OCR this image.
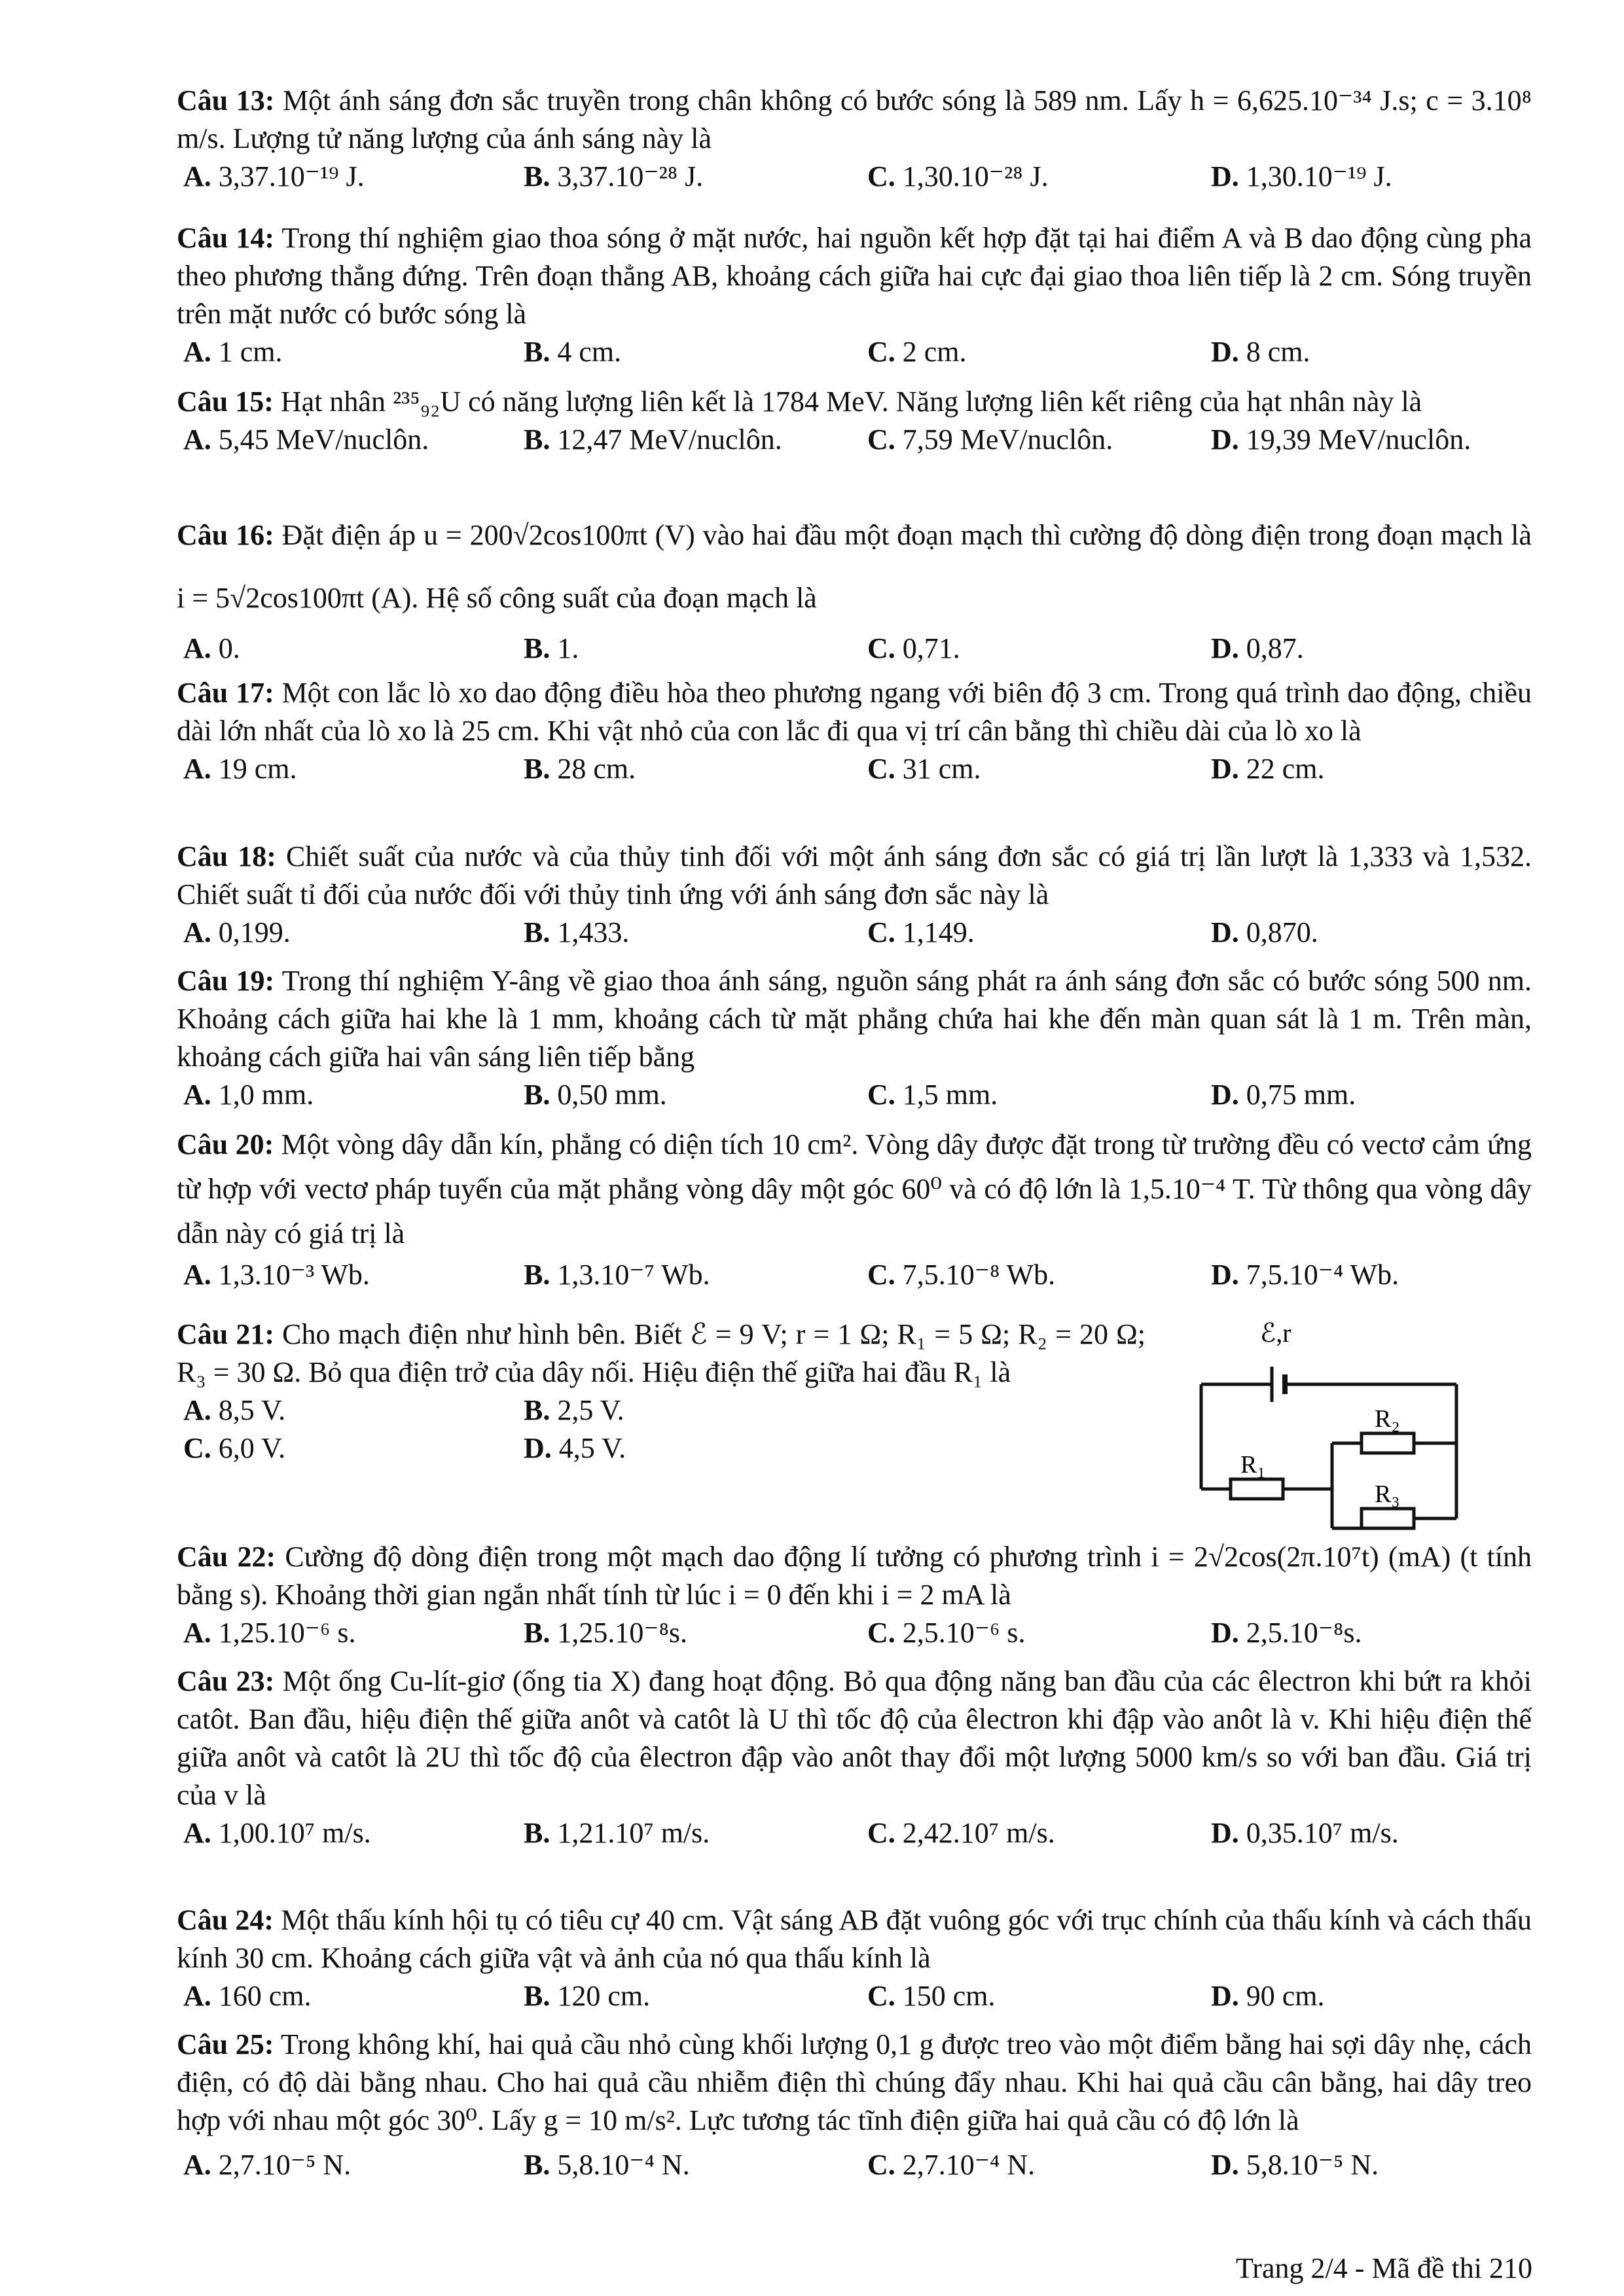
Câu 13: Một ánh sáng đơn sắc truyền trong chân không có bước sóng là 589 nm. Lấy h = 6,625.10⁻³⁴ J.s; c = 3.10⁸ m/s. Lượng tử năng lượng của ánh sáng này là

A. 3,37.10⁻¹⁹ J.	B. 3,37.10⁻²⁸ J.	C. 1,30.10⁻²⁸ J.	D. 1,30.10⁻¹⁹ J.

Câu 14: Trong thí nghiệm giao thoa sóng ở mặt nước, hai nguồn kết hợp đặt tại hai điểm A và B dao động cùng pha theo phương thẳng đứng. Trên đoạn thẳng AB, khoảng cách giữa hai cực đại giao thoa liên tiếp là 2 cm. Sóng truyền trên mặt nước có bước sóng là

A. 1 cm.	B. 4 cm.	C. 2 cm.	D. 8 cm.

Câu 15: Hạt nhân ²³⁵₉₂U có năng lượng liên kết là 1784 MeV. Năng lượng liên kết riêng của hạt nhân này là

A. 5,45 MeV/nuclôn.	B. 12,47 MeV/nuclôn.	C. 7,59 MeV/nuclôn.	D. 19,39 MeV/nuclôn.

Câu 16: Đặt điện áp u = 200√2cos100πt (V) vào hai đầu một đoạn mạch thì cường độ dòng điện trong đoạn mạch là i = 5√2cos100πt (A). Hệ số công suất của đoạn mạch là

A. 0.	B. 1.	C. 0,71.	D. 0,87.

Câu 17: Một con lắc lò xo dao động điều hòa theo phương ngang với biên độ 3 cm. Trong quá trình dao động, chiều dài lớn nhất của lò xo là 25 cm. Khi vật nhỏ của con lắc đi qua vị trí cân bằng thì chiều dài của lò xo là

A. 19 cm.	B. 28 cm.	C. 31 cm.	D. 22 cm.

Câu 18: Chiết suất của nước và của thủy tinh đối với một ánh sáng đơn sắc có giá trị lần lượt là 1,333 và 1,532. Chiết suất tỉ đối của nước đối với thủy tinh ứng với ánh sáng đơn sắc này là

A. 0,199.	B. 1,433.	C. 1,149.	D. 0,870.

Câu 19: Trong thí nghiệm Y-âng về giao thoa ánh sáng, nguồn sáng phát ra ánh sáng đơn sắc có bước sóng 500 nm. Khoảng cách giữa hai khe là 1 mm, khoảng cách từ mặt phẳng chứa hai khe đến màn quan sát là 1 m. Trên màn, khoảng cách giữa hai vân sáng liên tiếp bằng

A. 1,0 mm.	B. 0,50 mm.	C. 1,5 mm.	D. 0,75 mm.

Câu 20: Một vòng dây dẫn kín, phẳng có diện tích 10 cm². Vòng dây được đặt trong từ trường đều có vectơ cảm ứng từ hợp với vectơ pháp tuyến của mặt phẳng vòng dây một góc 60⁰ và có độ lớn là 1,5.10⁻⁴ T. Từ thông qua vòng dây dẫn này có giá trị là

A. 1,3.10⁻³ Wb.	B. 1,3.10⁻⁷ Wb.	C. 7,5.10⁻⁸ Wb.	D. 7,5.10⁻⁴ Wb.

Câu 21: Cho mạch điện như hình bên. Biết ℰ = 9 V; r = 1 Ω; R₁ = 5 Ω; R₂ = 20 Ω; R₃ = 30 Ω. Bỏ qua điện trở của dây nối. Hiệu điện thế giữa hai đầu R₁ là

A. 8,5 V.	B. 2,5 V.
C. 6,0 V.	D. 4,5 V.
ℰ,r
R₁
R₂
R₃

Câu 22: Cường độ dòng điện trong một mạch dao động lí tưởng có phương trình i = 2√2cos(2π.10⁷t) (mA) (t tính bằng s). Khoảng thời gian ngắn nhất tính từ lúc i = 0 đến khi i = 2 mA là

A. 1,25.10⁻⁶ s.	B. 1,25.10⁻⁸s.	C. 2,5.10⁻⁶ s.	D. 2,5.10⁻⁸s.

Câu 23: Một ống Cu-lít-giơ (ống tia X) đang hoạt động. Bỏ qua động năng ban đầu của các êlectron khi bứt ra khỏi catôt. Ban đầu, hiệu điện thế giữa anôt và catôt là U thì tốc độ của êlectron khi đập vào anôt là v. Khi hiệu điện thế giữa anôt và catôt là 2U thì tốc độ của êlectron đập vào anôt thay đổi một lượng 5000 km/s so với ban đầu. Giá trị của v là

A. 1,00.10⁷ m/s.	B. 1,21.10⁷ m/s.	C. 2,42.10⁷ m/s.	D. 0,35.10⁷ m/s.

Câu 24: Một thấu kính hội tụ có tiêu cự 40 cm. Vật sáng AB đặt vuông góc với trục chính của thấu kính và cách thấu kính 30 cm. Khoảng cách giữa vật và ảnh của nó qua thấu kính là

A. 160 cm.	B. 120 cm.	C. 150 cm.	D. 90 cm.

Câu 25: Trong không khí, hai quả cầu nhỏ cùng khối lượng 0,1 g được treo vào một điểm bằng hai sợi dây nhẹ, cách điện, có độ dài bằng nhau. Cho hai quả cầu nhiễm điện thì chúng đẩy nhau. Khi hai quả cầu cân bằng, hai dây treo hợp với nhau một góc 30⁰. Lấy g = 10 m/s². Lực tương tác tĩnh điện giữa hai quả cầu có độ lớn là

A. 2,7.10⁻⁵ N.	B. 5,8.10⁻⁴ N.	C. 2,7.10⁻⁴ N.	D. 5,8.10⁻⁵ N.
Trang 2/4 - Mã đề thi 210
